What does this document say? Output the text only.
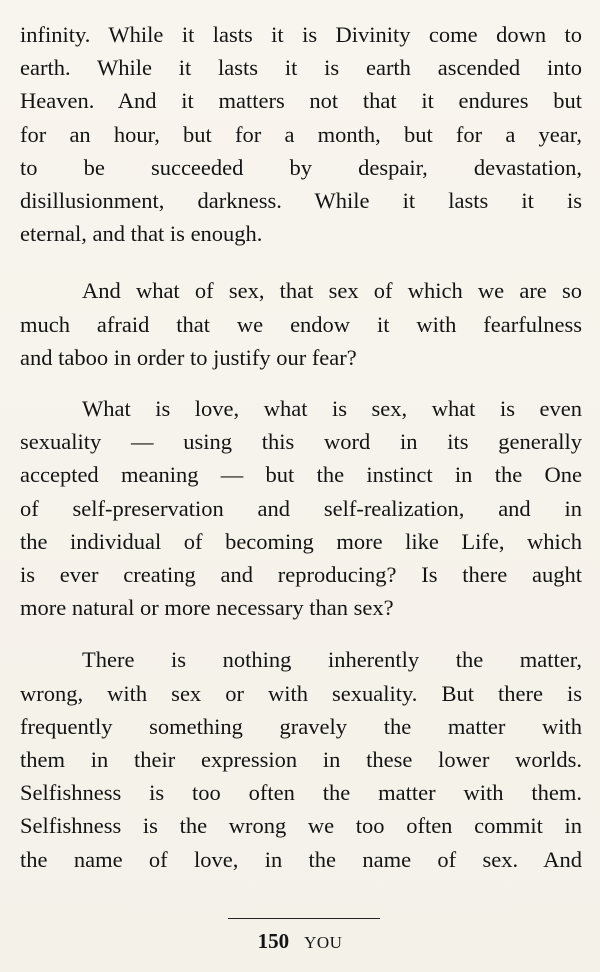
infinity. While it lasts it is Divinity come down to
earth. While it lasts it is earth ascended into
Heaven. And it matters not that it endures but
for an hour, but for a month, but for a year,
to be succeeded by despair, devastation,
disillusionment, darkness. While it lasts it is
eternal, and that is enough.

And what of sex, that sex of which we are so
much afraid that we endow it with fearfulness
and taboo in order to justify our fear?

What is love, what is sex, what is even
sexuality — using this word in its generally
accepted meaning — but the instinct in the One
of self-preservation and self-realization, and in
the individual of becoming more like Life, which
is ever creating and reproducing? Is there aught
more natural or more necessary than sex?

There is nothing inherently the matter,
wrong, with sex or with sexuality. But there is
frequently something gravely the matter with
them in their expression in these lower worlds.
Selfishness is too often the matter with them.
Selfishness is the wrong we too often commit in
the name of love, in the name of sex. And

150 YOU
